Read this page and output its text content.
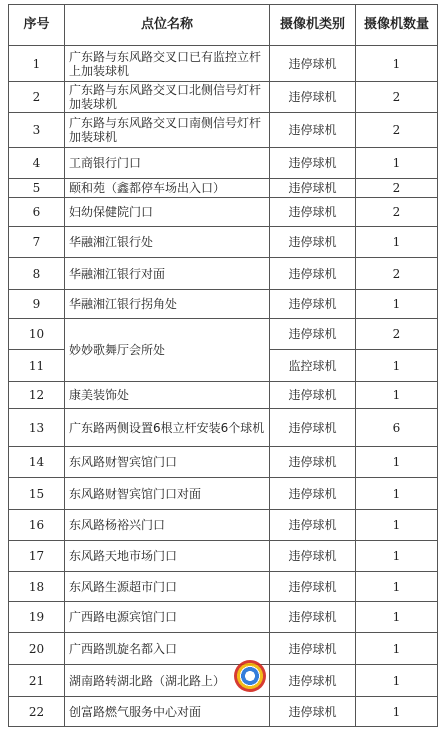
序号	点位名称	摄像机类别	摄像机数量
1	广东路与东风路交叉口已有监控立杆上加装球机	违停球机	1
2	广东路与东风路交叉口北侧信号灯杆加装球机	违停球机	2
3	广东路与东风路交叉口南侧信号灯杆加装球机	违停球机	2
4	工商银行门口	违停球机	1
5	颐和苑（鑫都停车场出入口）	违停球机	2
6	妇幼保健院门口	违停球机	2
7	华融湘江银行处	违停球机	1
8	华融湘江银行对面	违停球机	2
9	华融湘江银行拐角处	违停球机	1
10	妙妙歌舞厅会所处	违停球机	2
11		监控球机	1
12	康美装饰处	违停球机	1
13	广东路两侧设置6根立杆安装6个球机	违停球机	6
14	东风路财智宾馆门口	违停球机	1
15	东风路财智宾馆门口对面	违停球机	1
16	东风路杨裕兴门口	违停球机	1
17	东风路天地市场门口	违停球机	1
18	东风路生源超市门口	违停球机	1
19	广西路电源宾馆门口	违停球机	1
20	广西路凯旋名都入口	违停球机	1
21	湖南路转湖北路（湖北路上）	违停球机	1
22	创富路燃气服务中心对面	违停球机	1
